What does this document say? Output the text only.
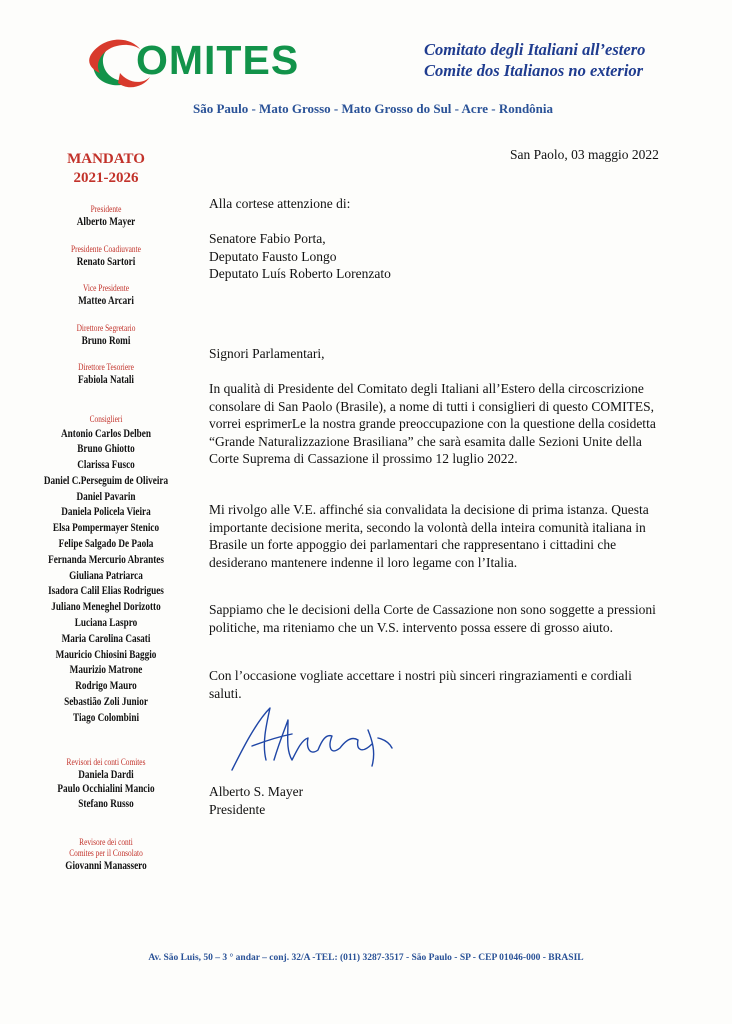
OMITES	Comitato degli Italiani all’estero
Comite dos Italianos no exterior
São Paulo - Mato Grosso - Mato Grosso do Sul - Acre - Rondônia
MANDATO
2021-2026
Presidente
Alberto Mayer
Presidente Coadiuvante
Renato Sartori
Vice Presidente
Matteo Arcari
Direttore Segretario
Bruno Romi
Direttore Tesoriere
Fabiola Natali
Consiglieri
Antonio Carlos Delben
Bruno Ghiotto
Clarissa Fusco
Daniel C.Perseguim de Oliveira
Daniel Pavarin
Daniela Policela Vieira
Elsa Pompermayer Stenico
Felipe Salgado De Paola
Fernanda Mercurio Abrantes
Giuliana Patriarca
Isadora Calil Elias Rodrigues
Juliano Meneghel Dorizotto
Luciana Laspro
Maria Carolina Casati
Mauricio Chiosini Baggio
Maurizio Matrone
Rodrigo Mauro
Sebastião Zoli Junior
Tiago Colombini
Revisori dei conti Comites
Daniela Dardi
Paulo Occhialini Mancio
Stefano Russo
Revisore dei conti
Comites per il Consolato
Giovanni Manassero
San Paolo, 03 maggio 2022
Alla cortese attenzione di:
Senatore Fabio Porta,
Deputato Fausto Longo
Deputato Luís Roberto Lorenzato
Signori Parlamentari,

In qualità di Presidente del Comitato degli Italiani all’Estero della circoscrizione consolare di San Paolo (Brasile), a nome di tutti i consiglieri di questo COMITES, vorrei esprimerLe la nostra grande preoccupazione con la questione della cosidetta “Grande Naturalizzazione Brasiliana” che sarà esamita dalle Sezioni Unite della Corte Suprema di Cassazione il prossimo 12 luglio 2022.

Mi rivolgo alle V.E. affinché sia convalidata la decisione di prima istanza. Questa importante decisione merita, secondo la volontà della inteira comunità italiana in Brasile un forte appoggio dei parlamentari che rappresentano i cittadini che desiderano mantenere indenne il loro legame con l’Italia.

Sappiamo che le decisioni della Corte de Cassazione non sono soggette a pressioni politiche, ma riteniamo che un V.S. intervento possa essere di grosso aiuto.

Con l’occasione vogliate accettare i nostri più sinceri ringraziamenti e cordiali saluti.

Alberto S. Mayer
Presidente
Av. São Luis, 50 – 3 ° andar – conj. 32/A -TEL: (011) 3287-3517 - São Paulo - SP - CEP 01046-000 - BRASIL
